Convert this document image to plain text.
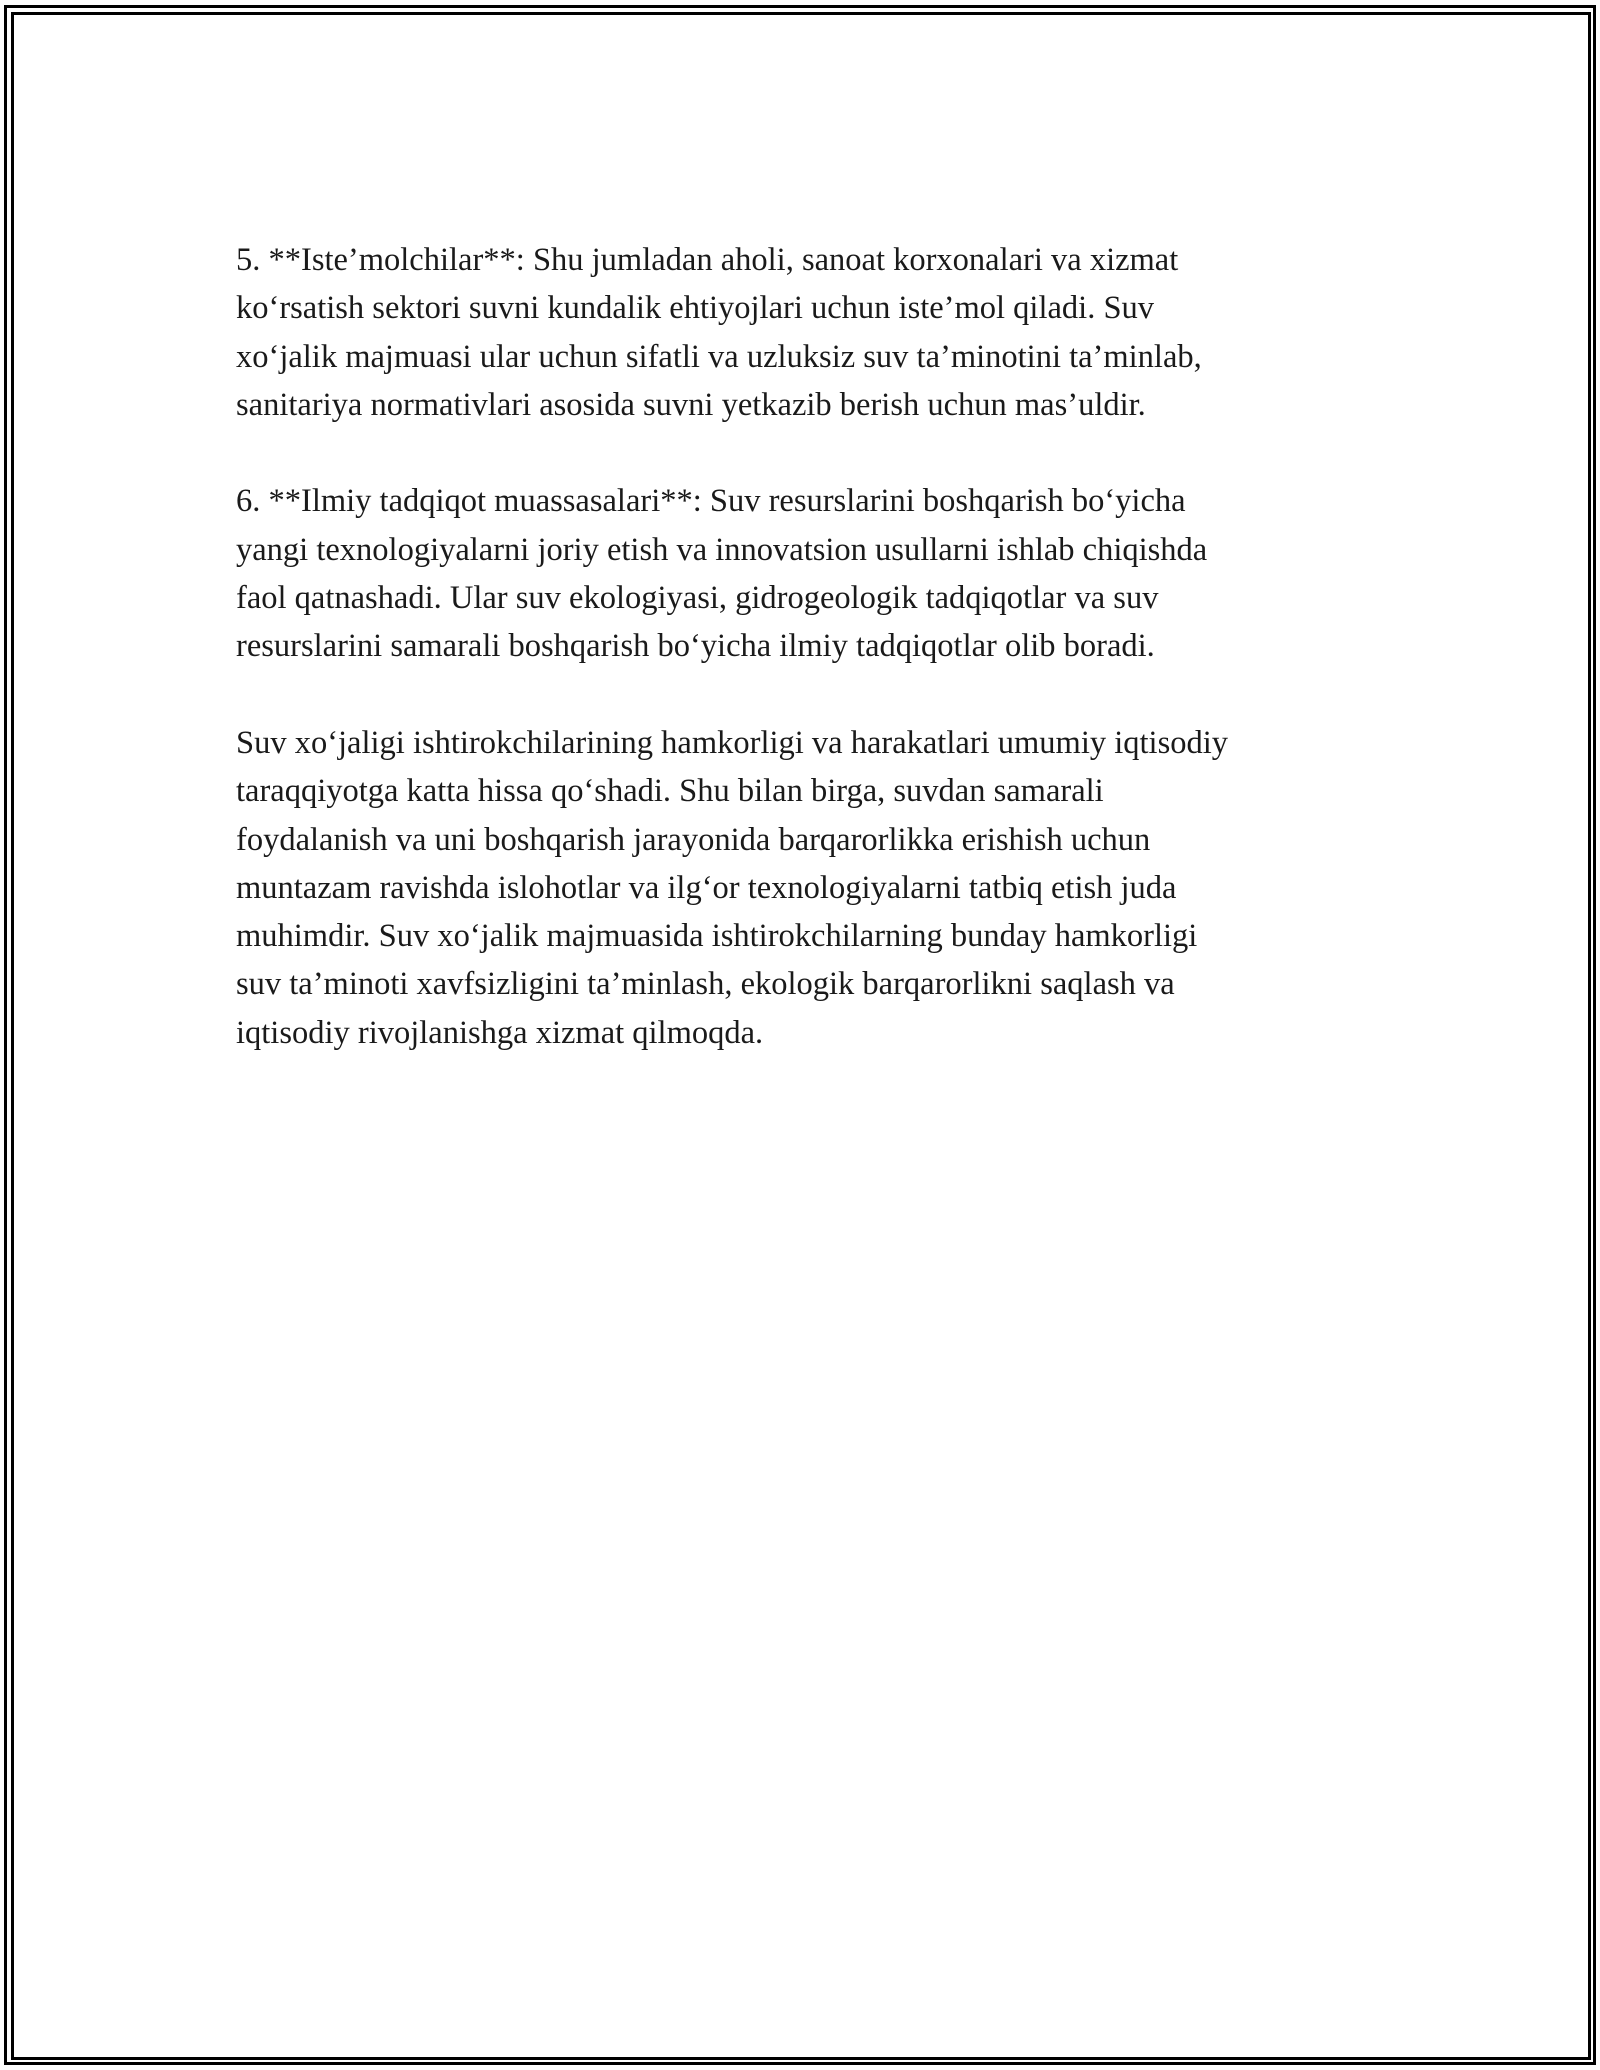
5. **Iste’molchilar**: Shu jumladan aholi, sanoat korxonalari va xizmat
ko‘rsatish sektori suvni kundalik ehtiyojlari uchun iste’mol qiladi. Suv
xo‘jalik majmuasi ular uchun sifatli va uzluksiz suv ta’minotini ta’minlab,
sanitariya normativlari asosida suvni yetkazib berish uchun mas’uldir.

6. **Ilmiy tadqiqot muassasalari**: Suv resurslarini boshqarish bo‘yicha
yangi texnologiyalarni joriy etish va innovatsion usullarni ishlab chiqishda
faol qatnashadi. Ular suv ekologiyasi, gidrogeologik tadqiqotlar va suv
resurslarini samarali boshqarish bo‘yicha ilmiy tadqiqotlar olib boradi.

Suv xo‘jaligi ishtirokchilarining hamkorligi va harakatlari umumiy iqtisodiy
taraqqiyotga katta hissa qo‘shadi. Shu bilan birga, suvdan samarali
foydalanish va uni boshqarish jarayonida barqarorlikka erishish uchun
muntazam ravishda islohotlar va ilg‘or texnologiyalarni tatbiq etish juda
muhimdir. Suv xo‘jalik majmuasida ishtirokchilarning bunday hamkorligi
suv ta’minoti xavfsizligini ta’minlash, ekologik barqarorlikni saqlash va
iqtisodiy rivojlanishga xizmat qilmoqda.
